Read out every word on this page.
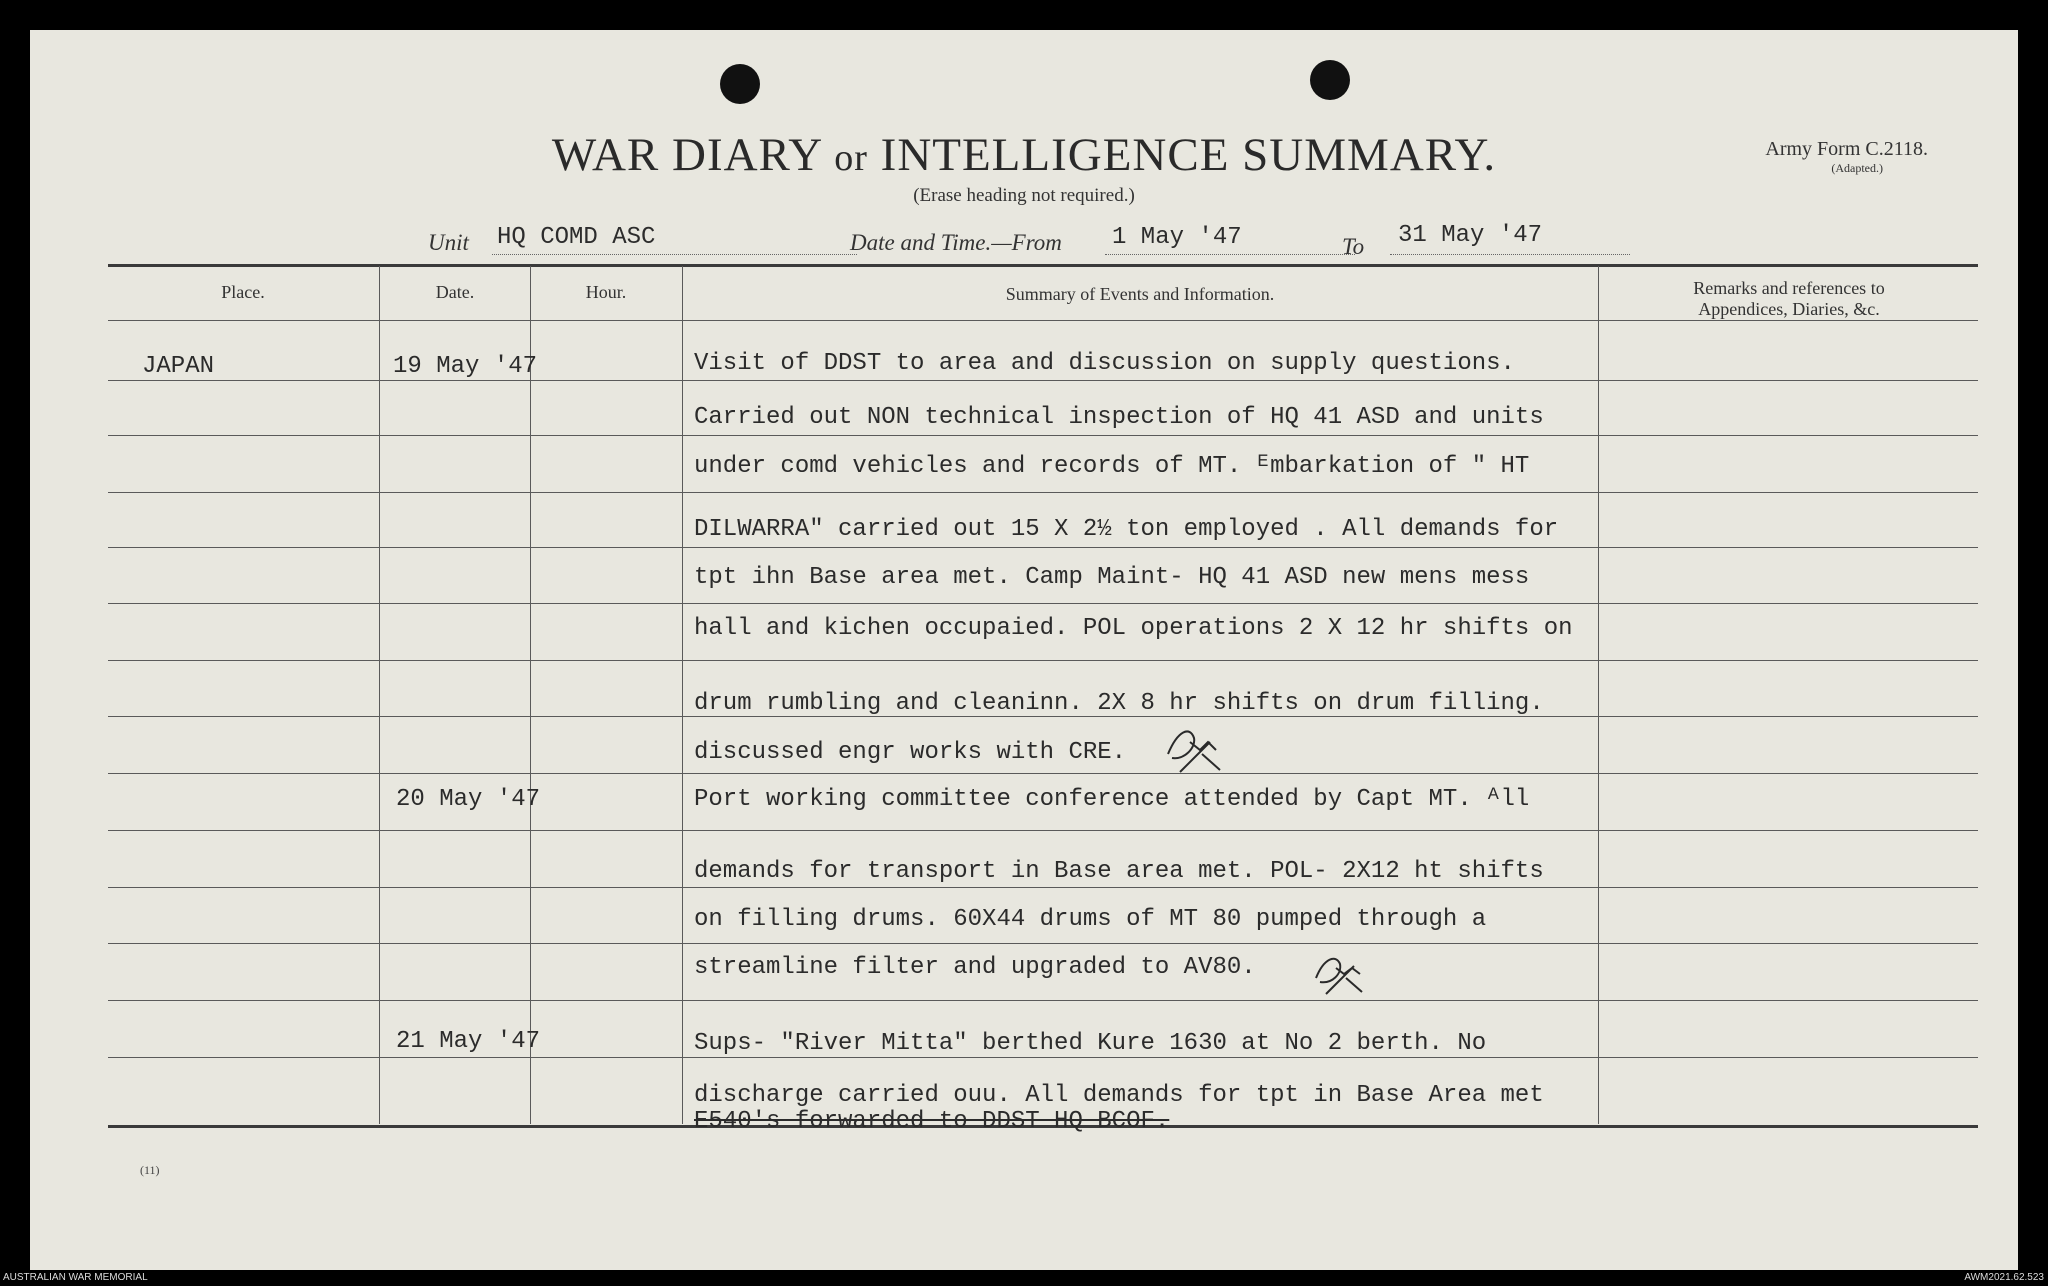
WAR DIARY or INTELLIGENCE SUMMARY.
(Erase heading not required.)
Army Form C.2118.
(Adapted.)
Unit HQ COMD ASC	Date and Time.—From 1 May '47	To 31 May '47
Place.	Date.	Hour.	Summary of Events and Information.	Remarks and references to
Appendices, Diaries, &c.
JAPAN	19 May '47	Visit of DDST to area and discussion on supply questions.
Carried out NON technical inspection of HQ 41 ASD and units
under comd vehicles and records of MT. ᴱmbarkation of " HT
DILWARRA" carried out 15 X 2½ ton employed . All demands for
tpt ihn Base area met. Camp Maint- HQ 41 ASD new mens mess
hall and kichen occupaied. POL operations 2 X 12 hr shifts on
drum rumbling and cleaninn. 2X 8 hr shifts on drum filling.
discussed engr works with CRE.
20 May '47	Port working committee conference attended by Capt MT. ᴬll
demands for transport in Base area met. POL- 2X12 ht shifts
on filling drums. 60X44 drums of MT 80 pumped through a
streamline filter and upgraded to AV80.
21 May '47	Sups- "River Mitta" berthed Kure 1630 at No 2 berth. No
discharge carried ouu. All demands for tpt in Base Area met
E540's forwarded to DDST HQ BCOF.
(11)
AUSTRALIAN WAR MEMORIAL	AWM2021.62.523
